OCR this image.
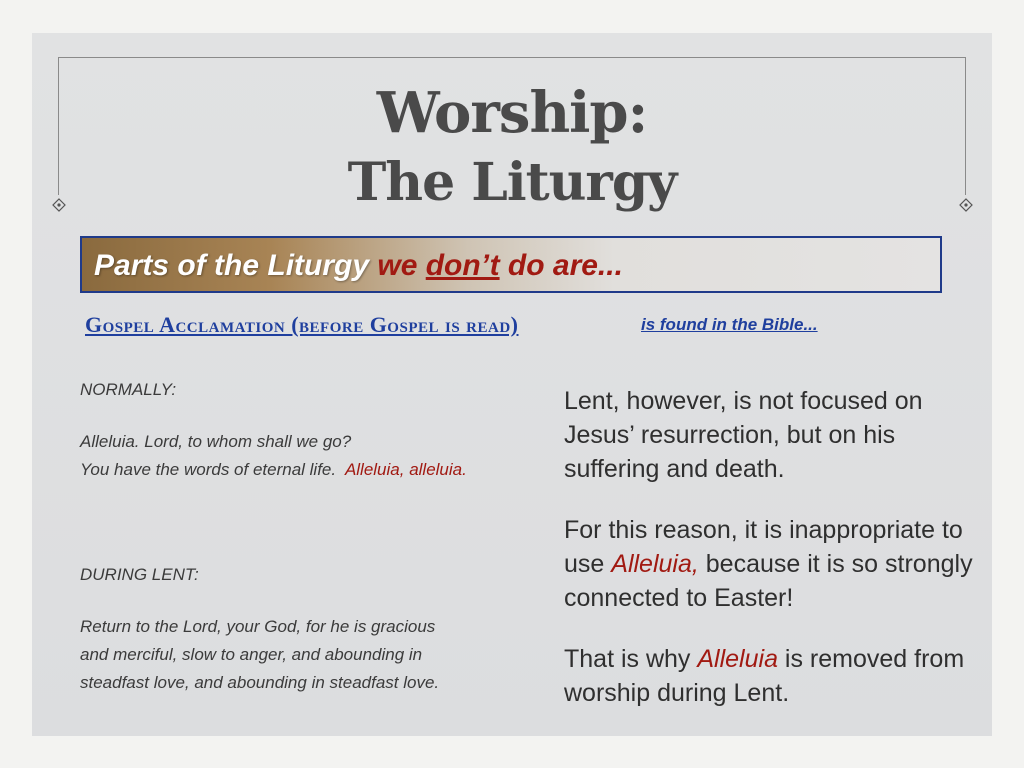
Worship:
The Liturgy
Parts of the Liturgy we don’t do are...
Gospel Acclamation (before Gospel is read)	is found in the Bible...
NORMALLY:
Alleluia. Lord, to whom shall we go?
You have the words of eternal life. Alleluia, alleluia.
DURING LENT:
Return to the Lord, your God, for he is gracious
and merciful, slow to anger, and abounding in
steadfast love, and abounding in steadfast love.
Lent, however, is not focused on Jesus’ resurrection, but on his suffering and death.
For this reason, it is inappropriate to use Alleluia, because it is so strongly connected to Easter!
That is why Alleluia is removed from worship during Lent.
